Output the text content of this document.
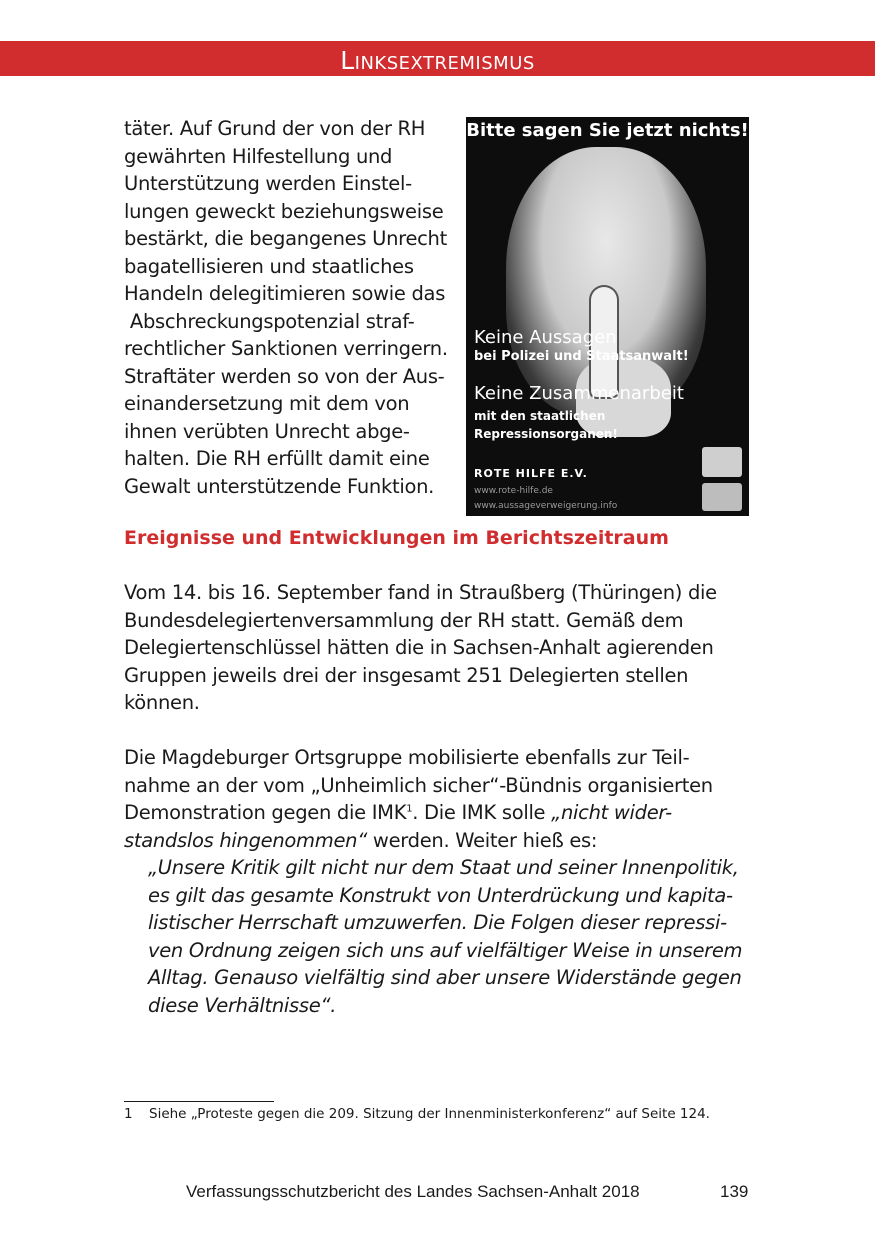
Linksextremismus
täter. Auf Grund der von der RH
gewährten Hilfestellung und
Unterstützung werden Einstel-
lungen geweckt beziehungsweise
bestärkt, die begangenes Unrecht
bagatellisieren und staatliches
Handeln delegitimieren sowie das
Abschreckungspotenzial straf-
rechtlicher Sanktionen verringern.
Straftäter werden so von der Aus-
einandersetzung mit dem von
ihnen verübten Unrecht abge-
halten. Die RH erfüllt damit eine
Gewalt unterstützende Funktion.
Bitte sagen Sie jetzt nichts!
Keine Aussagen
bei Polizei und Staatsanwalt!
Keine Zusammenarbeit
mit den staatlichen
Repressionsorganen!
ROTE HILFE E.V.
www.rote-hilfe.de
www.aussageverweigerung.info
Ereignisse und Entwicklungen im Berichtszeitraum
Vom 14. bis 16. September fand in Straußberg (Thüringen) die
Bundesdelegiertenversammlung der RH statt. Gemäß dem
Delegiertenschlüssel hätten die in Sachsen-Anhalt agierenden
Gruppen jeweils drei der insgesamt 251 Delegierten stellen
können.
Die Magdeburger Ortsgruppe mobilisierte ebenfalls zur Teil-
nahme an der vom „Unheimlich sicher“-Bündnis organisierten
Demonstration gegen die IMK$^1$. Die IMK solle „nicht wider-
standslos hingenommen“ werden. Weiter hieß es:
„Unsere Kritik gilt nicht nur dem Staat und seiner Innenpolitik,
es gilt das gesamte Konstrukt von Unterdrückung und kapita-
listischer Herrschaft umzuwerfen. Die Folgen dieser repressi-
ven Ordnung zeigen sich uns auf vielfältiger Weise in unserem
Alltag. Genauso vielfältig sind aber unsere Widerstände gegen
diese Verhältnisse“.
1 Siehe „Proteste gegen die 209. Sitzung der Innenministerkonferenz“ auf Seite 124.
Verfassungsschutzbericht des Landes Sachsen-Anhalt 2018	139
